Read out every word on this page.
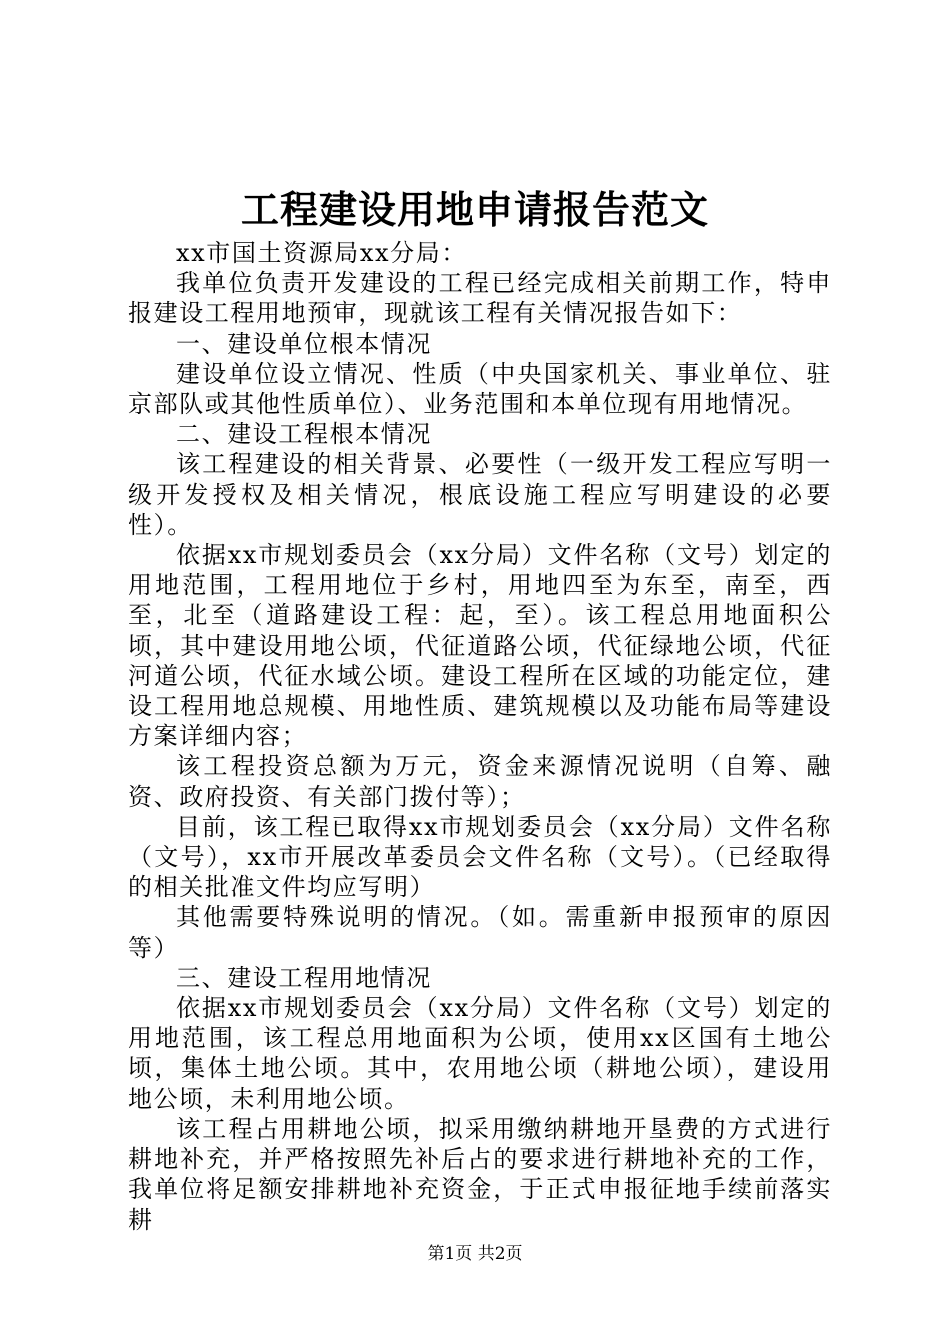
工程建设用地申请报告范文

xx市国土资源局xx分局：

我单位负责开发建设的工程已经完成相关前期工作，特申报建设工程用地预审，现就该工程有关情况报告如下：

一、建设单位根本情况

建设单位设立情况、性质（中央国家机关、事业单位、驻京部队或其他性质单位）、业务范围和本单位现有用地情况。

二、建设工程根本情况

该工程建设的相关背景、必要性（一级开发工程应写明一级开发授权及相关情况，根底设施工程应写明建设的必要性）。

依据xx市规划委员会（xx分局）文件名称（文号）划定的用地范围，工程用地位于乡村，用地四至为东至，南至，西至，北至（道路建设工程：起，至）。该工程总用地面积公顷，其中建设用地公顷，代征道路公顷，代征绿地公顷，代征河道公顷，代征水域公顷。建设工程所在区域的功能定位，建设工程用地总规模、用地性质、建筑规模以及功能布局等建设方案详细内容；

该工程投资总额为万元，资金来源情况说明（自筹、融资、政府投资、有关部门拨付等）；

目前，该工程已取得xx市规划委员会（xx分局）文件名称（文号），xx市开展改革委员会文件名称（文号）。（已经取得的相关批准文件均应写明）

其他需要特殊说明的情况。（如。需重新申报预审的原因等）

三、建设工程用地情况

依据xx市规划委员会（xx分局）文件名称（文号）划定的用地范围，该工程总用地面积为公顷，使用xx区国有土地公顷，集体土地公顷。其中，农用地公顷（耕地公顷），建设用地公顷，未利用地公顷。

该工程占用耕地公顷，拟采用缴纳耕地开垦费的方式进行耕地补充，并严格按照先补后占的要求进行耕地补充的工作，我单位将足额安排耕地补充资金，于正式申报征地手续前落实耕

第1页 共2页
